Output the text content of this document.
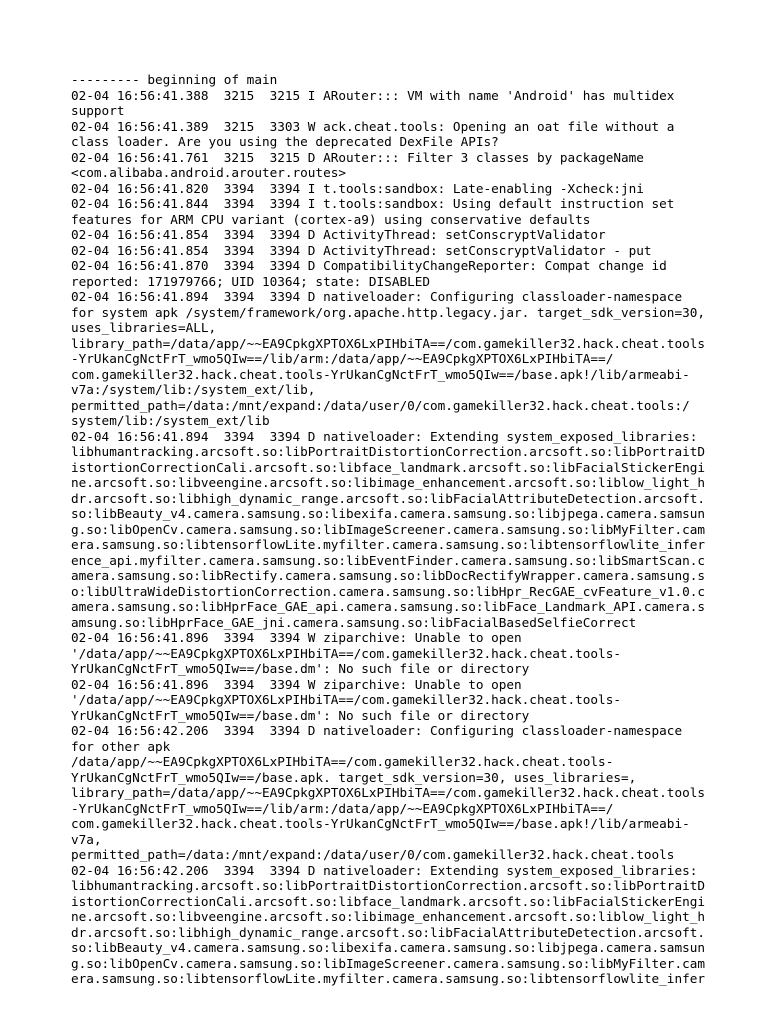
--------- beginning of main
02-04 16:56:41.388  3215  3215 I ARouter::: VM with name 'Android' has multidex
support
02-04 16:56:41.389  3215  3303 W ack.cheat.tools: Opening an oat file without a
class loader. Are you using the deprecated DexFile APIs?
02-04 16:56:41.761  3215  3215 D ARouter::: Filter 3 classes by packageName
<com.alibaba.android.arouter.routes>
02-04 16:56:41.820  3394  3394 I t.tools:sandbox: Late-enabling -Xcheck:jni
02-04 16:56:41.844  3394  3394 I t.tools:sandbox: Using default instruction set
features for ARM CPU variant (cortex-a9) using conservative defaults
02-04 16:56:41.854  3394  3394 D ActivityThread: setConscryptValidator
02-04 16:56:41.854  3394  3394 D ActivityThread: setConscryptValidator - put
02-04 16:56:41.870  3394  3394 D CompatibilityChangeReporter: Compat change id
reported: 171979766; UID 10364; state: DISABLED
02-04 16:56:41.894  3394  3394 D nativeloader: Configuring classloader-namespace
for system apk /system/framework/org.apache.http.legacy.jar. target_sdk_version=30,
uses_libraries=ALL,
library_path=/data/app/~~EA9CpkgXPTOX6LxPIHbiTA==/com.gamekiller32.hack.cheat.tools
-YrUkanCgNctFrT_wmo5QIw==/lib/arm:/data/app/~~EA9CpkgXPTOX6LxPIHbiTA==/
com.gamekiller32.hack.cheat.tools-YrUkanCgNctFrT_wmo5QIw==/base.apk!/lib/armeabi-
v7a:/system/lib:/system_ext/lib,
permitted_path=/data:/mnt/expand:/data/user/0/com.gamekiller32.hack.cheat.tools:/
system/lib:/system_ext/lib
02-04 16:56:41.894  3394  3394 D nativeloader: Extending system_exposed_libraries:
libhumantracking.arcsoft.so:libPortraitDistortionCorrection.arcsoft.so:libPortraitD
istortionCorrectionCali.arcsoft.so:libface_landmark.arcsoft.so:libFacialStickerEngi
ne.arcsoft.so:libveengine.arcsoft.so:libimage_enhancement.arcsoft.so:liblow_light_h
dr.arcsoft.so:libhigh_dynamic_range.arcsoft.so:libFacialAttributeDetection.arcsoft.
so:libBeauty_v4.camera.samsung.so:libexifa.camera.samsung.so:libjpega.camera.samsun
g.so:libOpenCv.camera.samsung.so:libImageScreener.camera.samsung.so:libMyFilter.cam
era.samsung.so:libtensorflowLite.myfilter.camera.samsung.so:libtensorflowlite_infer
ence_api.myfilter.camera.samsung.so:libEventFinder.camera.samsung.so:libSmartScan.c
amera.samsung.so:libRectify.camera.samsung.so:libDocRectifyWrapper.camera.samsung.s
o:libUltraWideDistortionCorrection.camera.samsung.so:libHpr_RecGAE_cvFeature_v1.0.c
amera.samsung.so:libHprFace_GAE_api.camera.samsung.so:libFace_Landmark_API.camera.s
amsung.so:libHprFace_GAE_jni.camera.samsung.so:libFacialBasedSelfieCorrect
02-04 16:56:41.896  3394  3394 W ziparchive: Unable to open
'/data/app/~~EA9CpkgXPTOX6LxPIHbiTA==/com.gamekiller32.hack.cheat.tools-
YrUkanCgNctFrT_wmo5QIw==/base.dm': No such file or directory
02-04 16:56:41.896  3394  3394 W ziparchive: Unable to open
'/data/app/~~EA9CpkgXPTOX6LxPIHbiTA==/com.gamekiller32.hack.cheat.tools-
YrUkanCgNctFrT_wmo5QIw==/base.dm': No such file or directory
02-04 16:56:42.206  3394  3394 D nativeloader: Configuring classloader-namespace
for other apk
/data/app/~~EA9CpkgXPTOX6LxPIHbiTA==/com.gamekiller32.hack.cheat.tools-
YrUkanCgNctFrT_wmo5QIw==/base.apk. target_sdk_version=30, uses_libraries=,
library_path=/data/app/~~EA9CpkgXPTOX6LxPIHbiTA==/com.gamekiller32.hack.cheat.tools
-YrUkanCgNctFrT_wmo5QIw==/lib/arm:/data/app/~~EA9CpkgXPTOX6LxPIHbiTA==/
com.gamekiller32.hack.cheat.tools-YrUkanCgNctFrT_wmo5QIw==/base.apk!/lib/armeabi-
v7a,
permitted_path=/data:/mnt/expand:/data/user/0/com.gamekiller32.hack.cheat.tools
02-04 16:56:42.206  3394  3394 D nativeloader: Extending system_exposed_libraries:
libhumantracking.arcsoft.so:libPortraitDistortionCorrection.arcsoft.so:libPortraitD
istortionCorrectionCali.arcsoft.so:libface_landmark.arcsoft.so:libFacialStickerEngi
ne.arcsoft.so:libveengine.arcsoft.so:libimage_enhancement.arcsoft.so:liblow_light_h
dr.arcsoft.so:libhigh_dynamic_range.arcsoft.so:libFacialAttributeDetection.arcsoft.
so:libBeauty_v4.camera.samsung.so:libexifa.camera.samsung.so:libjpega.camera.samsun
g.so:libOpenCv.camera.samsung.so:libImageScreener.camera.samsung.so:libMyFilter.cam
era.samsung.so:libtensorflowLite.myfilter.camera.samsung.so:libtensorflowlite_infer
